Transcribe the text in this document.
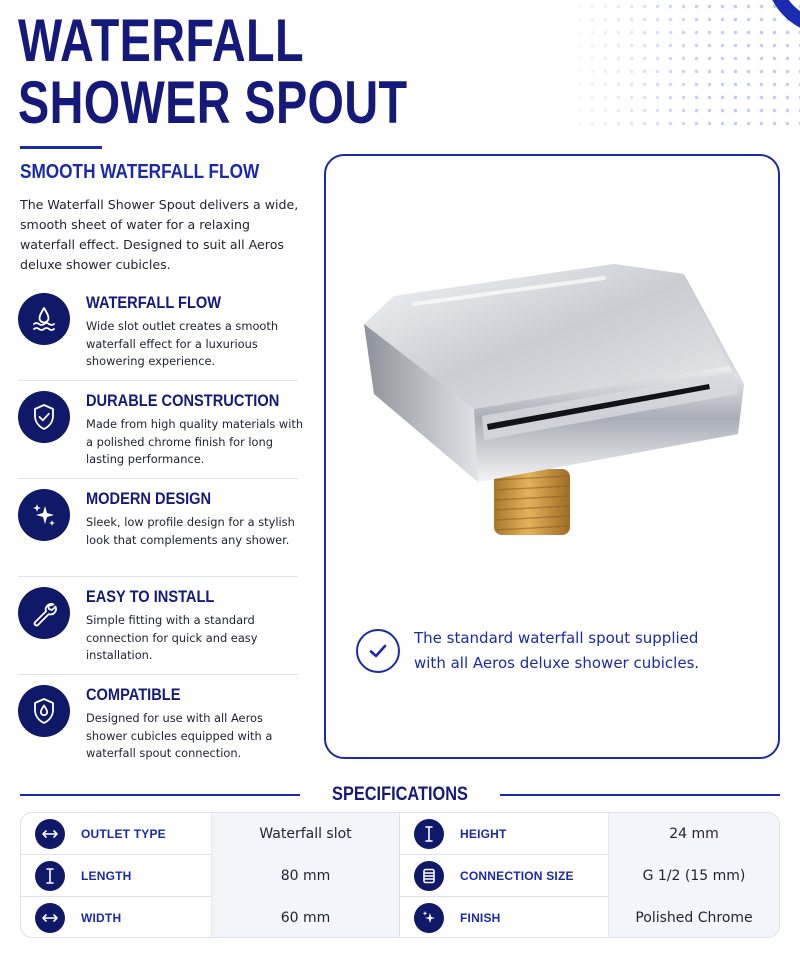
WATERFALL
SHOWER SPOUT
SMOOTH WATERFALL FLOW

The Waterfall Shower Spout delivers a wide, smooth sheet of water for a relaxing waterfall effect. Designed to suit all Aeros deluxe shower cubicles.

WATERFALL FLOW
Wide slot outlet creates a smooth waterfall effect for a luxurious showering experience.
DURABLE CONSTRUCTION
Made from high quality materials with a polished chrome finish for long lasting performance.
MODERN DESIGN
Sleek, low profile design for a stylish look that complements any shower.
EASY TO INSTALL
Simple fitting with a standard connection for quick and easy installation.
COMPATIBLE
Designed for use with all Aeros shower cubicles equipped with a waterfall spout connection.

The standard waterfall spout supplied with all Aeros deluxe shower cubicles.

SPECIFICATIONS
OUTLET TYPE	Waterfall slot
LENGTH	80 mm
WIDTH	60 mm
HEIGHT	24 mm
CONNECTION SIZE	G 1/2 (15 mm)
FINISH	Polished Chrome
